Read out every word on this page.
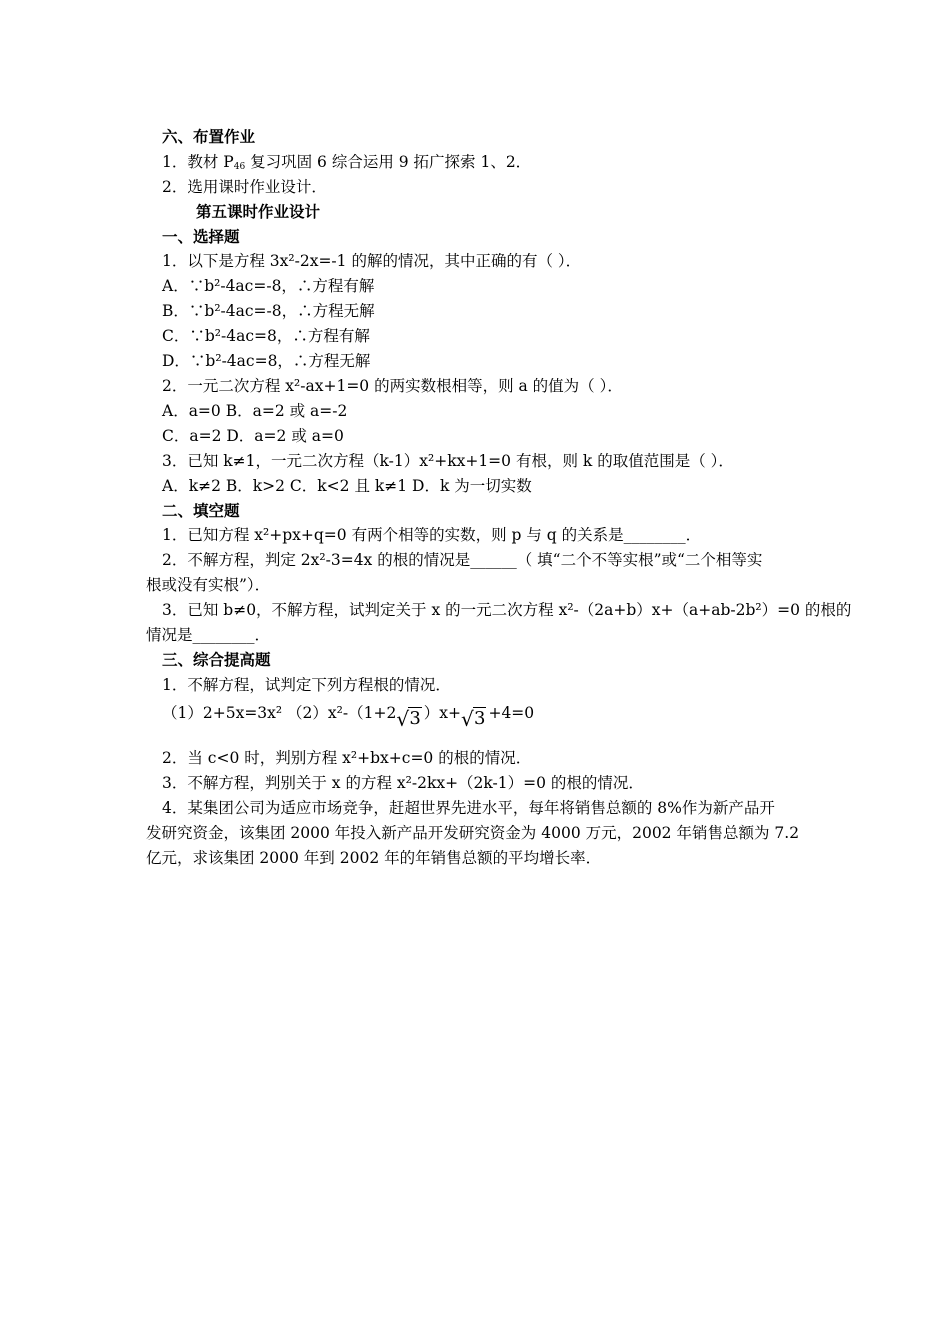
六、布置作业
1．教材 $P_{46}$ 复习巩固 6 综合运用 9 拓广探索 1、2．
2．选用课时作业设计．
第五课时作业设计
一、选择题
1．以下是方程 3x²-2x=-1 的解的情况，其中正确的有（ ）．
A．∵b²-4ac=-8，∴方程有解
B．∵b²-4ac=-8，∴方程无解
C．∵b²-4ac=8，∴方程有解
D．∵b²-4ac=8，∴方程无解
2．一元二次方程 x²-ax+1=0 的两实数根相等，则 a 的值为（ ）．
A．a=0 B．a=2 或 a=-2
C．a=2 D．a=2 或 a=0
3．已知 k≠1，一元二次方程（k-1）x²+kx+1=0 有根，则 k 的取值范围是（ ）．
A．k≠2 B．k>2 C．k<2 且 k≠1 D．k 为一切实数
二、填空题
1．已知方程 x²+px+q=0 有两个相等的实数，则 p 与 q 的关系是________．
2．不解方程，判定 2x²-3=4x 的根的情况是______（ 填“二个不等实根”或“二个相等实
根或没有实根”）．
3．已知 b≠0，不解方程，试判定关于 x 的一元二次方程 x²-（2a+b）x+（a+ab-2b²）=0 的根的
情况是________．
三、综合提高题
1．不解方程，试判定下列方程根的情况．
（1）2+5x=3x² （2）x²-（1+2 √ 3 ）x+ √ 3 +4=0
2．当 c<0 时，判别方程 x²+bx+c=0 的根的情况．
3．不解方程，判别关于 x 的方程 x²-2kx+（2k-1）=0 的根的情况．
4．某集团公司为适应市场竞争，赶超世界先进水平，每年将销售总额的 8%作为新产品开
发研究资金，该集团 2000 年投入新产品开发研究资金为 4000 万元，2002 年销售总额为 7.2
亿元，求该集团 2000 年到 2002 年的年销售总额的平均增长率．
